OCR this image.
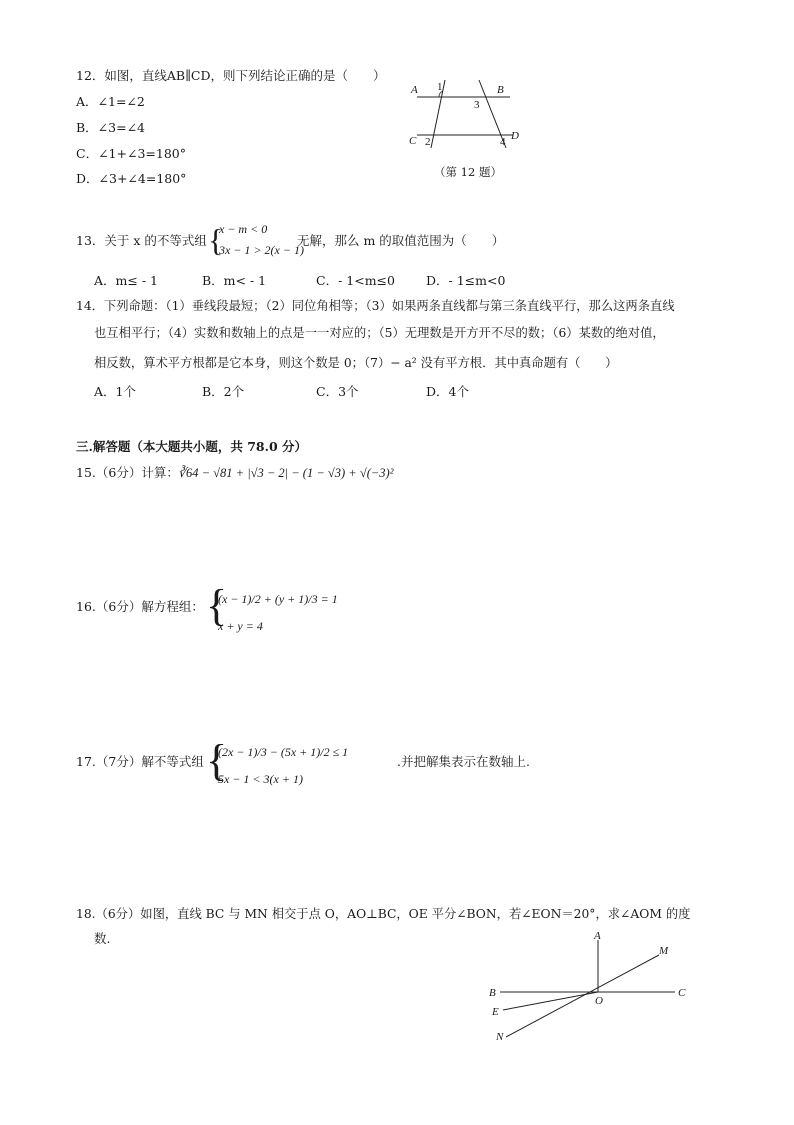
12．如图，直线AB∥CD，则下列结论正确的是（　　）
A．∠1=∠2
B．∠3=∠4
C．∠1+∠3=180°
D．∠3+∠4=180°
A	B
C	D
1
2
3
4
（第 12 题）
13．关于 x 的不等式组 {
x − m < 0
3x − 1 > 2(x − 1)
无解，那么 m 的取值范围为（　　）
A．m≤ - 1	B．m< - 1	C．- 1<m≤0 D．- 1≤m<0
14．下列命题：（1）垂线段最短；（2）同位角相等；（3）如果两条直线都与第三条直线平行，那么这两条直线
也互相平行；（4）实数和数轴上的点是一一对应的；（5）无理数是开方开不尽的数；（6）某数的绝对值，
相反数，算术平方根都是它本身，则这个数是 0；（7）− a² 没有平方根．其中真命题有（　　）
A．1个	B．2个	C．3个	D．4个
三.解答题（本大题共小题，共 78.0 分）
15.（6分）计算： ∛64 − √81 + |√3 − 2| − (1 − √3) + √(−3)²
16.（6分）解方程组： {
(x − 1)/2 + (y + 1)/3 = 1
x + y = 4
17.（7分）解不等式组 {
(2x − 1)/3 − (5x + 1)/2 ≤ 1
5x − 1 < 3(x + 1)
.并把解集表示在数轴上.
18.（6分）如图，直线 BC 与 MN 相交于点 O，AO⊥BC，OE 平分∠BON，若∠EON＝20°，求∠AOM 的度
数.	A
M
B
O
C
E
N
